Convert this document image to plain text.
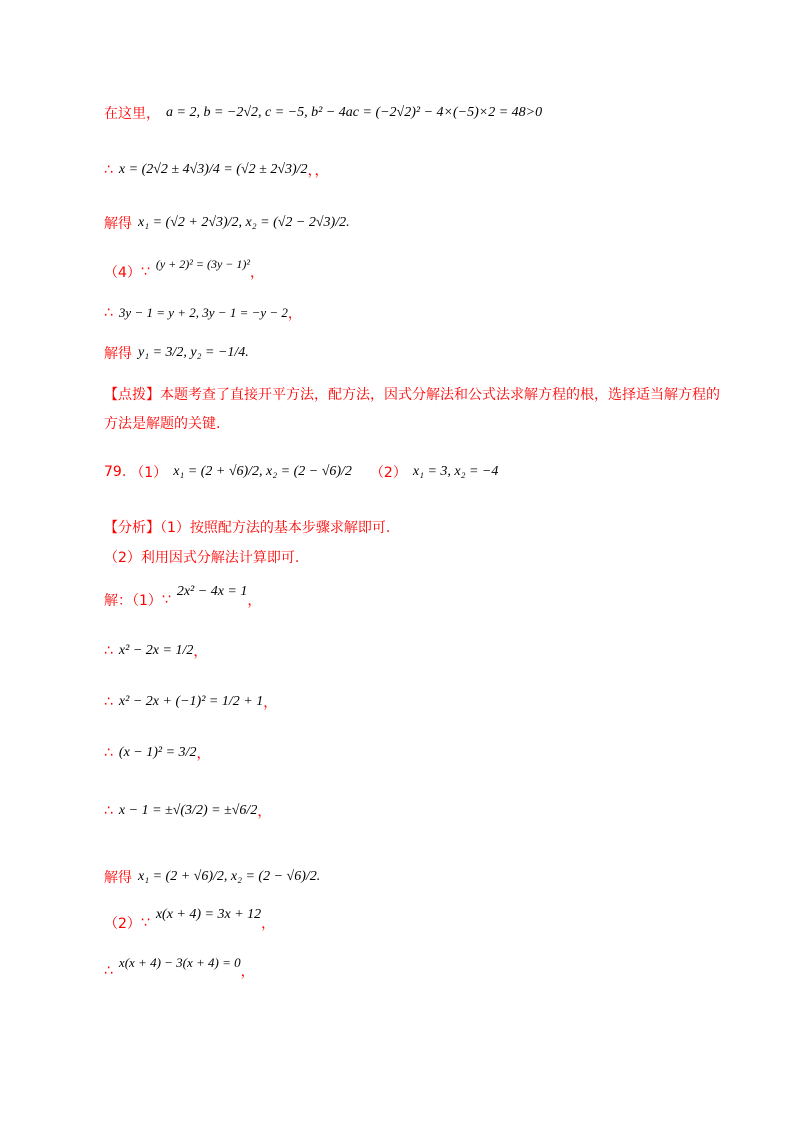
在这里， a = 2, b = −2√2, c = −5, b² − 4ac = (−2√2)² − 4×(−5)×2 = 48>0
∴ x = (2√2 ± 4√3)/4 = (√2 ± 2√3)/2 ，，
解得 x₁ = (√2 + 2√3)/2, x₂ = (√2 − 2√3)/2 .
（4） ∵
(y + 2)² = (3y − 1)²
，
∴ 3y − 1 = y + 2, 3y − 1 = −y − 2 ，
解得 y₁ = 3/2, y₂ = −1/4 .
【点拨】本题考查了直接开平方法，配方法，因式分解法和公式法求解方程的根，选择适当解方程的
方法是解题的关键.
79. （1） x₁ = (2 + √6)/2, x₂ = (2 − √6)/2 （2） x₁ = 3, x₂ = −4
【分析】（1）按照配方法的基本步骤求解即可.
（2）利用因式分解法计算即可.
解：（1） ∵
2x² − 4x = 1
，
∴ x² − 2x = 1/2 ，
∴ x² − 2x + (−1)² = 1/2 + 1 ，
∴ (x − 1)² = 3/2 ，
∴ x − 1 = ±√(3/2) = ±√6/2 ，
解得 x₁ = (2 + √6)/2, x₂ = (2 − √6)/2 .
（2） ∵
x(x + 4) = 3x + 12
，
∴
x(x + 4) − 3(x + 4) = 0
，
